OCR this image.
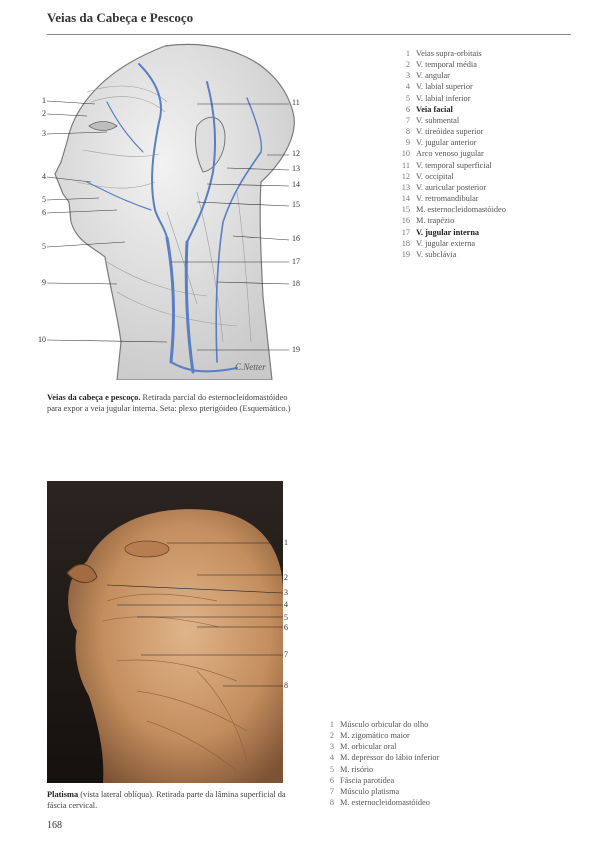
Veias da Cabeça e Pescoço
C.Netter
1
2
3
4
5
6
5
9
10
11
12
13
14
15
16
17
18
19
1 Veias supra-orbitais
2 V. temporal média
3 V. angular
4 V. labial superior
5 V. labial inferior
6 Veia facial
7 V. submental
8 V. tireóidea superior
9 V. jugular anterior
10 Arco venoso jugular
11 V. temporal superficial
12 V. occipital
13 V. auricular posterior
14 V. retromandibular
15 M. esternocleidomastóideo
16 M. trapézio
17 V. jugular interna
18 V. jugular externa
19 V. subclávia
Veias da cabeça e pescoço. Retirada parcial do esternocleidomastóideo para expor a veia jugular interna. Seta: plexo pterigóideo (Esquemático.)
1
2
3
4
5
6
7
8
1 Músculo orbicular do olho
2 M. zigomático maior
3 M. orbicular oral
4 M. depressor do lábio inferior
5 M. risório
6 Fáscia parotídea
7 Músculo platisma
8 M. esternocleidomastóideo
Platisma (vista lateral oblíqua). Retirada parte da lâmina superficial da fáscia cervical.
168
